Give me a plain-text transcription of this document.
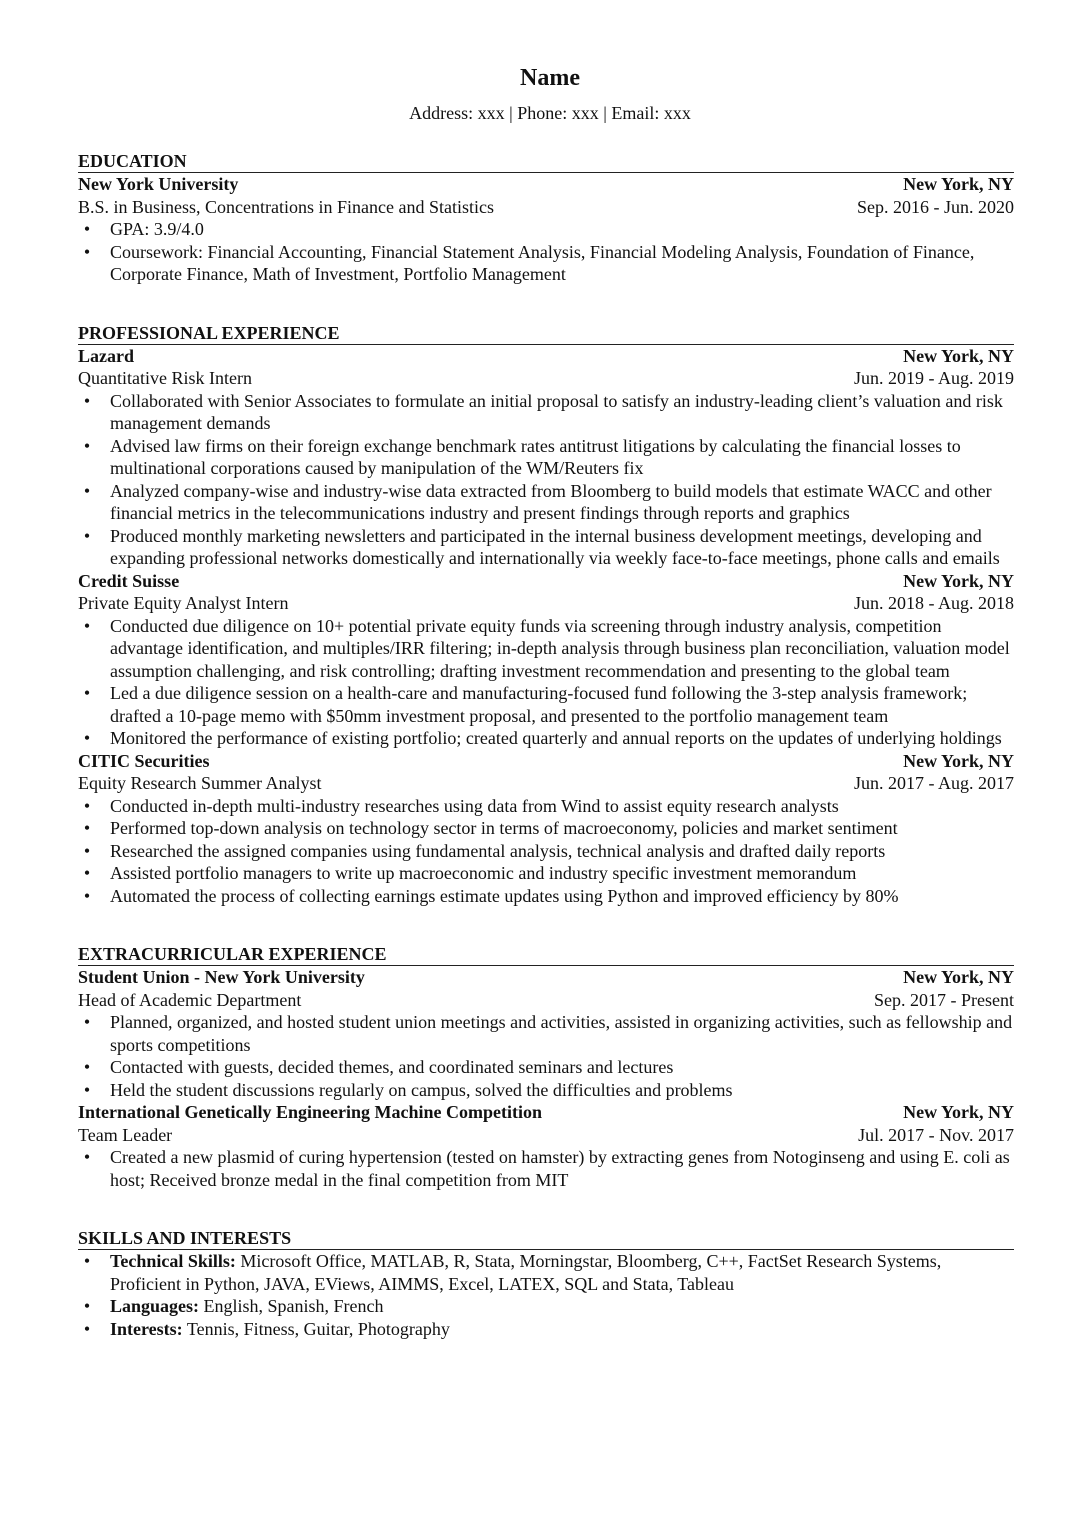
Name
Address: xxx | Phone: xxx | Email: xxx
EDUCATION
New York University	New York, NY
B.S. in Business, Concentrations in Finance and Statistics	Sep. 2016 - Jun. 2020
• GPA: 3.9/4.0
• Coursework: Financial Accounting, Financial Statement Analysis, Financial Modeling Analysis, Foundation of Finance, Corporate Finance, Math of Investment, Portfolio Management
PROFESSIONAL EXPERIENCE
Lazard	New York, NY
Quantitative Risk Intern	Jun. 2019 - Aug. 2019
• Collaborated with Senior Associates to formulate an initial proposal to satisfy an industry-leading client’s valuation and risk management demands
• Advised law firms on their foreign exchange benchmark rates antitrust litigations by calculating the financial losses to multinational corporations caused by manipulation of the WM/Reuters fix
• Analyzed company-wise and industry-wise data extracted from Bloomberg to build models that estimate WACC and other financial metrics in the telecommunications industry and present findings through reports and graphics
• Produced monthly marketing newsletters and participated in the internal business development meetings, developing and expanding professional networks domestically and internationally via weekly face-to-face meetings, phone calls and emails
Credit Suisse	New York, NY
Private Equity Analyst Intern	Jun. 2018 - Aug. 2018
• Conducted due diligence on 10+ potential private equity funds via screening through industry analysis, competition advantage identification, and multiples/IRR filtering; in-depth analysis through business plan reconciliation, valuation model assumption challenging, and risk controlling; drafting investment recommendation and presenting to the global team
• Led a due diligence session on a health-care and manufacturing-focused fund following the 3-step analysis framework; drafted a 10-page memo with $50mm investment proposal, and presented to the portfolio management team
• Monitored the performance of existing portfolio; created quarterly and annual reports on the updates of underlying holdings
CITIC Securities	New York, NY
Equity Research Summer Analyst	Jun. 2017 - Aug. 2017
• Conducted in-depth multi-industry researches using data from Wind to assist equity research analysts
• Performed top-down analysis on technology sector in terms of macroeconomy, policies and market sentiment
• Researched the assigned companies using fundamental analysis, technical analysis and drafted daily reports
• Assisted portfolio managers to write up macroeconomic and industry specific investment memorandum
• Automated the process of collecting earnings estimate updates using Python and improved efficiency by 80%
EXTRACURRICULAR EXPERIENCE
Student Union - New York University	New York, NY
Head of Academic Department	Sep. 2017 - Present
• Planned, organized, and hosted student union meetings and activities, assisted in organizing activities, such as fellowship and sports competitions
• Contacted with guests, decided themes, and coordinated seminars and lectures
• Held the student discussions regularly on campus, solved the difficulties and problems
International Genetically Engineering Machine Competition	New York, NY
Team Leader	Jul. 2017 - Nov. 2017
• Created a new plasmid of curing hypertension (tested on hamster) by extracting genes from Notoginseng and using E. coli as host; Received bronze medal in the final competition from MIT
SKILLS AND INTERESTS
• Technical Skills: Microsoft Office, MATLAB, R, Stata, Morningstar, Bloomberg, C++, FactSet Research Systems, Proficient in Python, JAVA, EViews, AIMMS, Excel, LATEX, SQL and Stata, Tableau
• Languages: English, Spanish, French
• Interests: Tennis, Fitness, Guitar, Photography
